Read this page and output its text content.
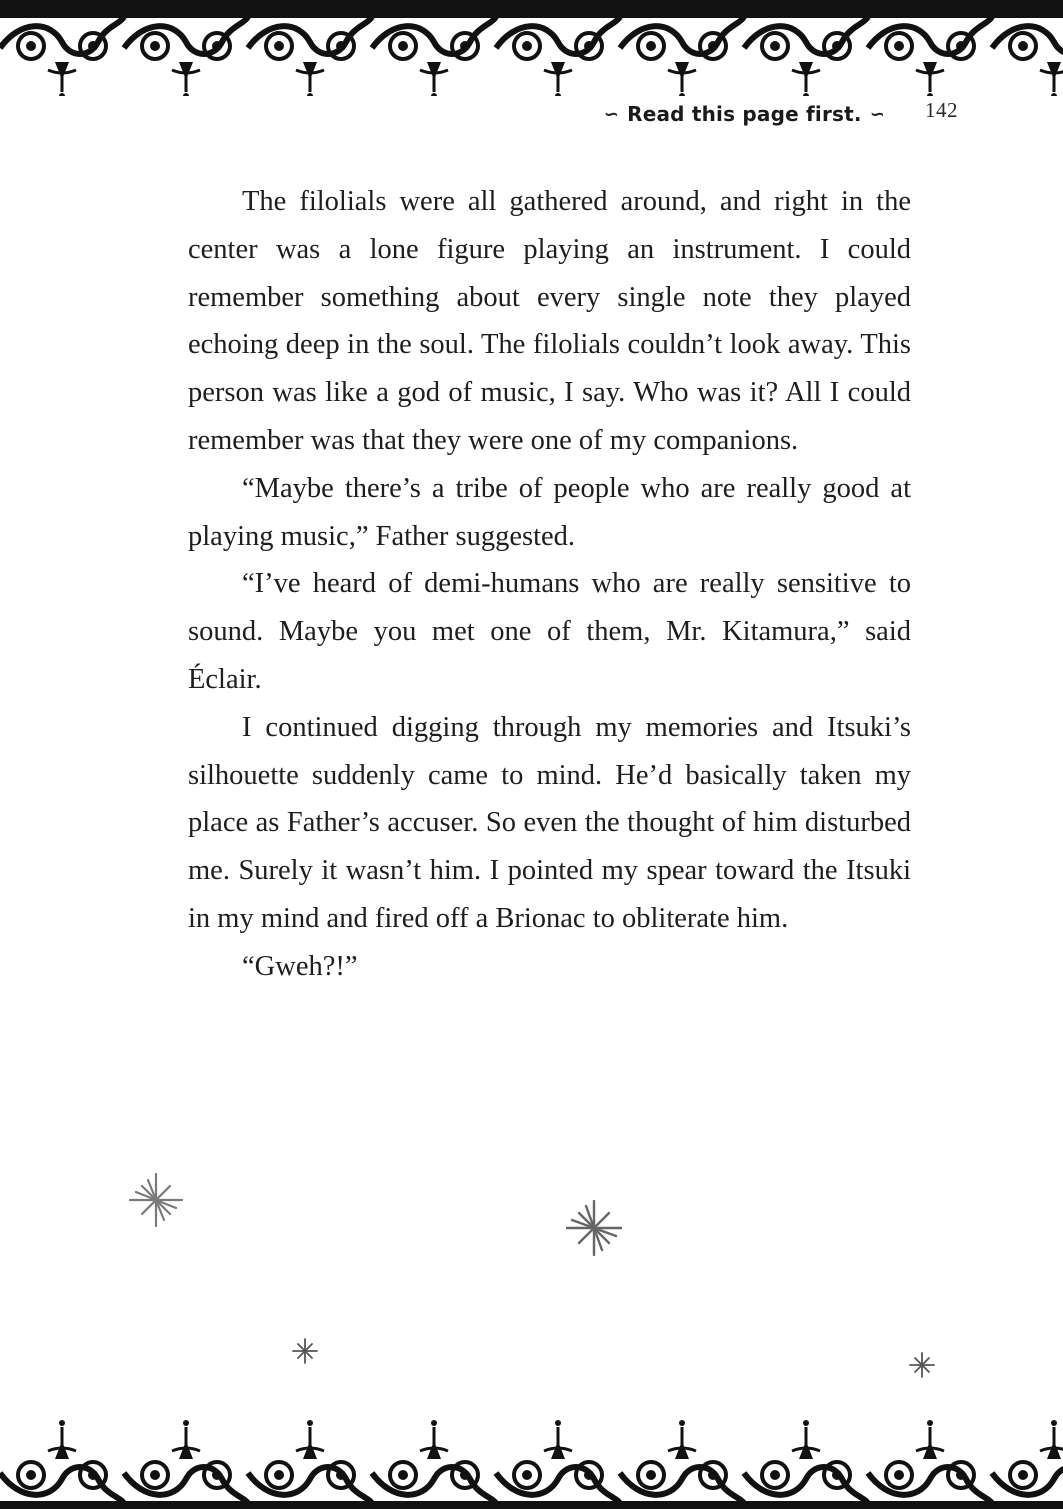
∽ Read this page first. ∽ 142

The filolials were all gathered around, and right in the center was a lone figure playing an instrument. I could remember something about every single note they played echoing deep in the soul. The filolials couldn’t look away. This person was like a god of music, I say. Who was it? All I could remember was that they were one of my companions.

“Maybe there’s a tribe of people who are really good at playing music,” Father suggested.

“I’ve heard of demi-humans who are really sensitive to sound. Maybe you met one of them, Mr. Kitamura,” said Éclair.

I continued digging through my memories and Itsuki’s silhouette suddenly came to mind. He’d basically taken my place as Father’s accuser. So even the thought of him disturbed me. Surely it wasn’t him. I pointed my spear toward the Itsuki in my mind and fired off a Brionac to obliterate him.

“Gweh?!”
